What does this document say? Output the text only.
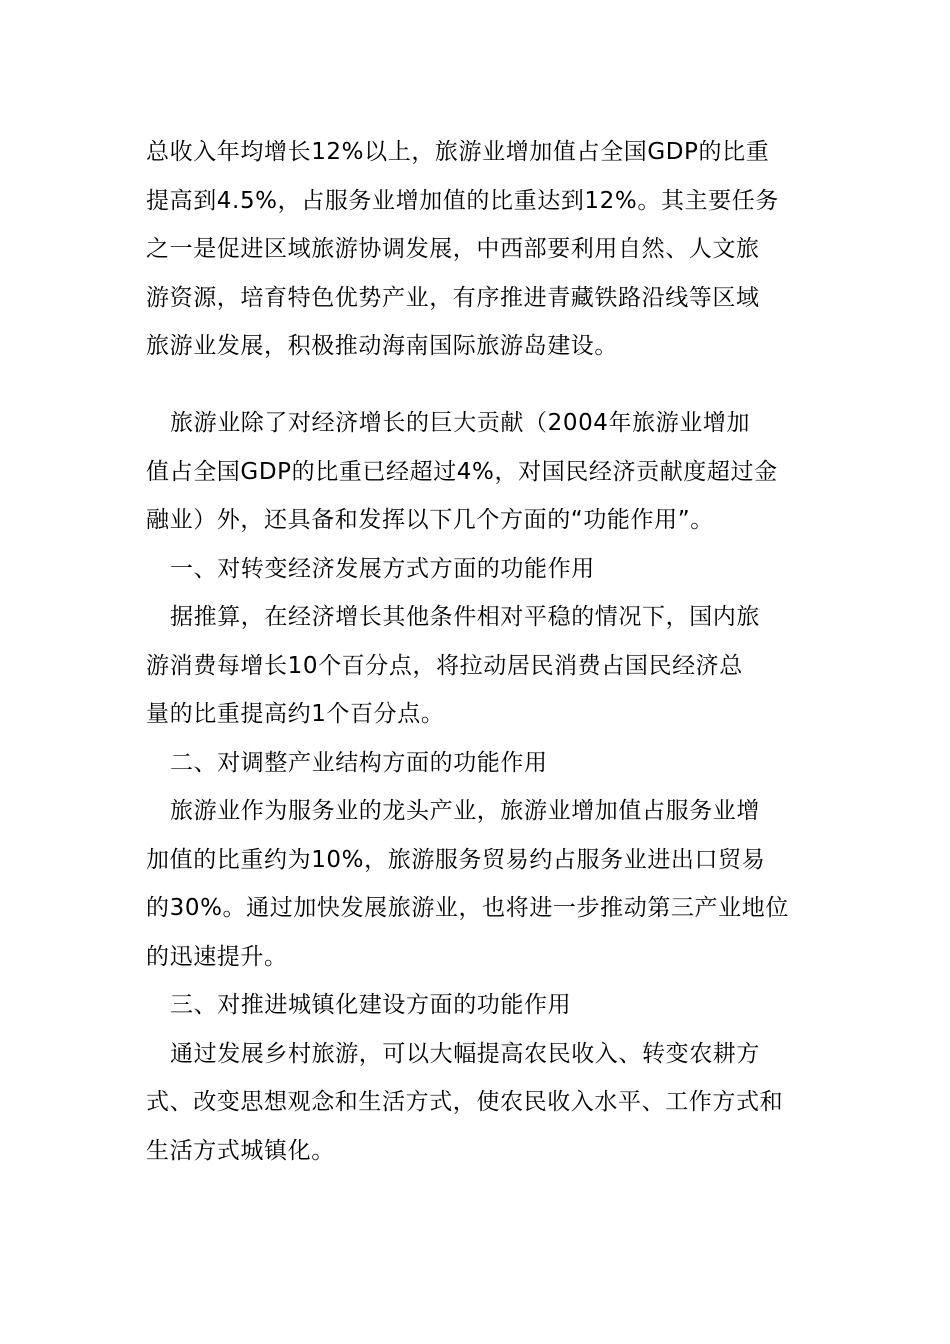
总收入年均增长12%以上，旅游业增加值占全国GDP的比重
提高到4.5%，占服务业增加值的比重达到12%。其主要任务
之一是促进区域旅游协调发展，中西部要利用自然、人文旅
游资源，培育特色优势产业，有序推进青藏铁路沿线等区域
旅游业发展，积极推动海南国际旅游岛建设。
旅游业除了对经济增长的巨大贡献（2004年旅游业增加
值占全国GDP的比重已经超过4%，对国民经济贡献度超过金
融业）外，还具备和发挥以下几个方面的“功能作用”。
一、对转变经济发展方式方面的功能作用
据推算，在经济增长其他条件相对平稳的情况下，国内旅
游消费每增长10个百分点，将拉动居民消费占国民经济总
量的比重提高约1个百分点。
二、对调整产业结构方面的功能作用
旅游业作为服务业的龙头产业，旅游业增加值占服务业增
加值的比重约为10%，旅游服务贸易约占服务业进出口贸易
的30%。通过加快发展旅游业，也将进一步推动第三产业地位
的迅速提升。
三、对推进城镇化建设方面的功能作用
通过发展乡村旅游，可以大幅提高农民收入、转变农耕方
式、改变思想观念和生活方式，使农民收入水平、工作方式和
生活方式城镇化。
